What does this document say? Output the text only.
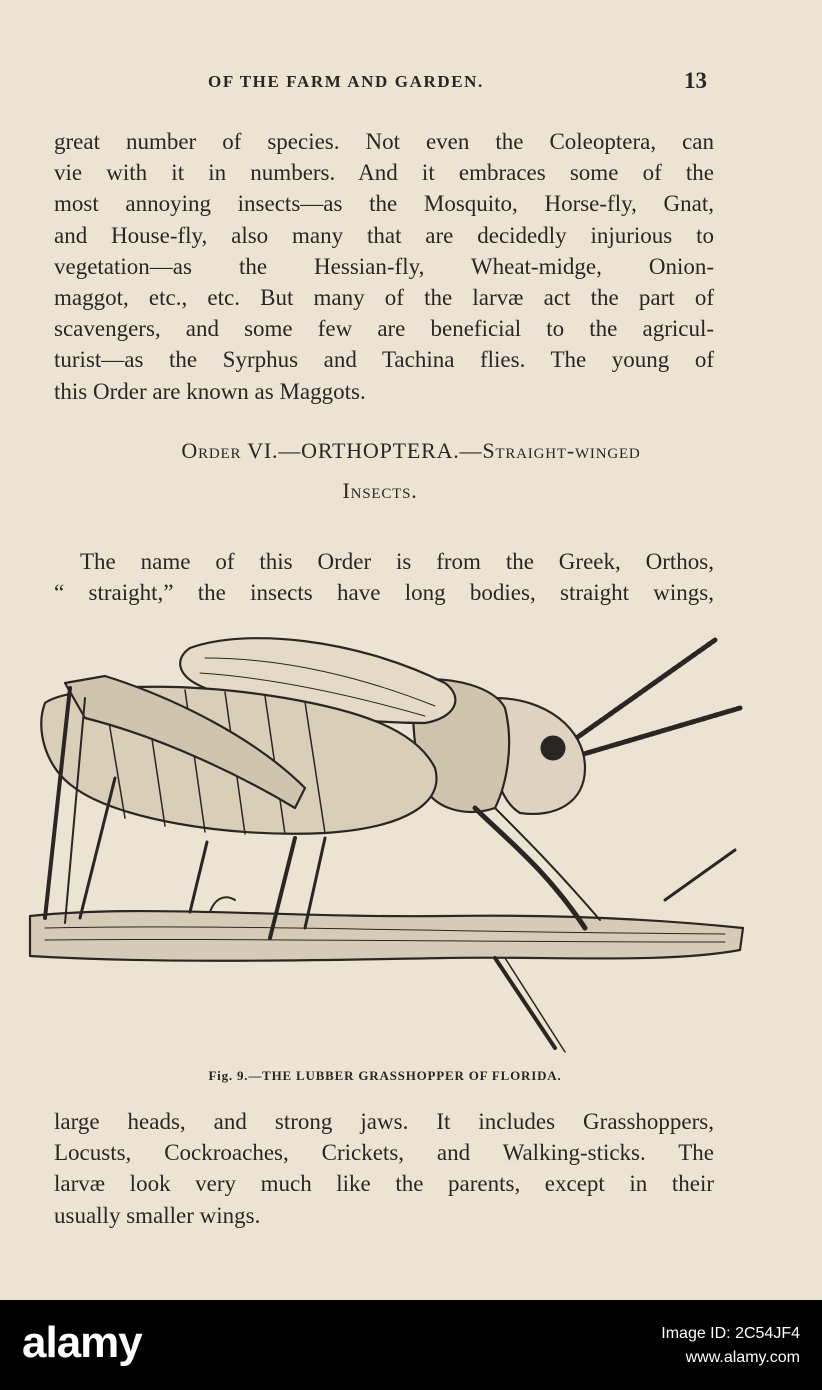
OF THE FARM AND GARDEN.	13
great number of species. Not even the Coleoptera, can
vie with it in numbers. And it embraces some of the
most annoying insects—as the Mosquito, Horse-fly, Gnat,
and House-fly, also many that are decidedly injurious to
vegetation—as the Hessian-fly, Wheat-midge, Onion-
maggot, etc., etc. But many of the larvæ act the part of
scavengers, and some few are beneficial to the agricul-
turist—as the Syrphus and Tachina flies. The young of
this Order are known as Maggots.
Order VI.—ORTHOPTERA.—Straight-winged
Insects.
The name of this Order is from the Greek, Orthos,
“ straight,” the insects have long bodies, straight wings,
Fig. 9.—THE LUBBER GRASSHOPPER OF FLORIDA.
large heads, and strong jaws. It includes Grasshoppers,
Locusts, Cockroaches, Crickets, and Walking-sticks. The
larvæ look very much like the parents, except in their
usually smaller wings.
alamy	Image ID: 2C54JF4
www.alamy.com
